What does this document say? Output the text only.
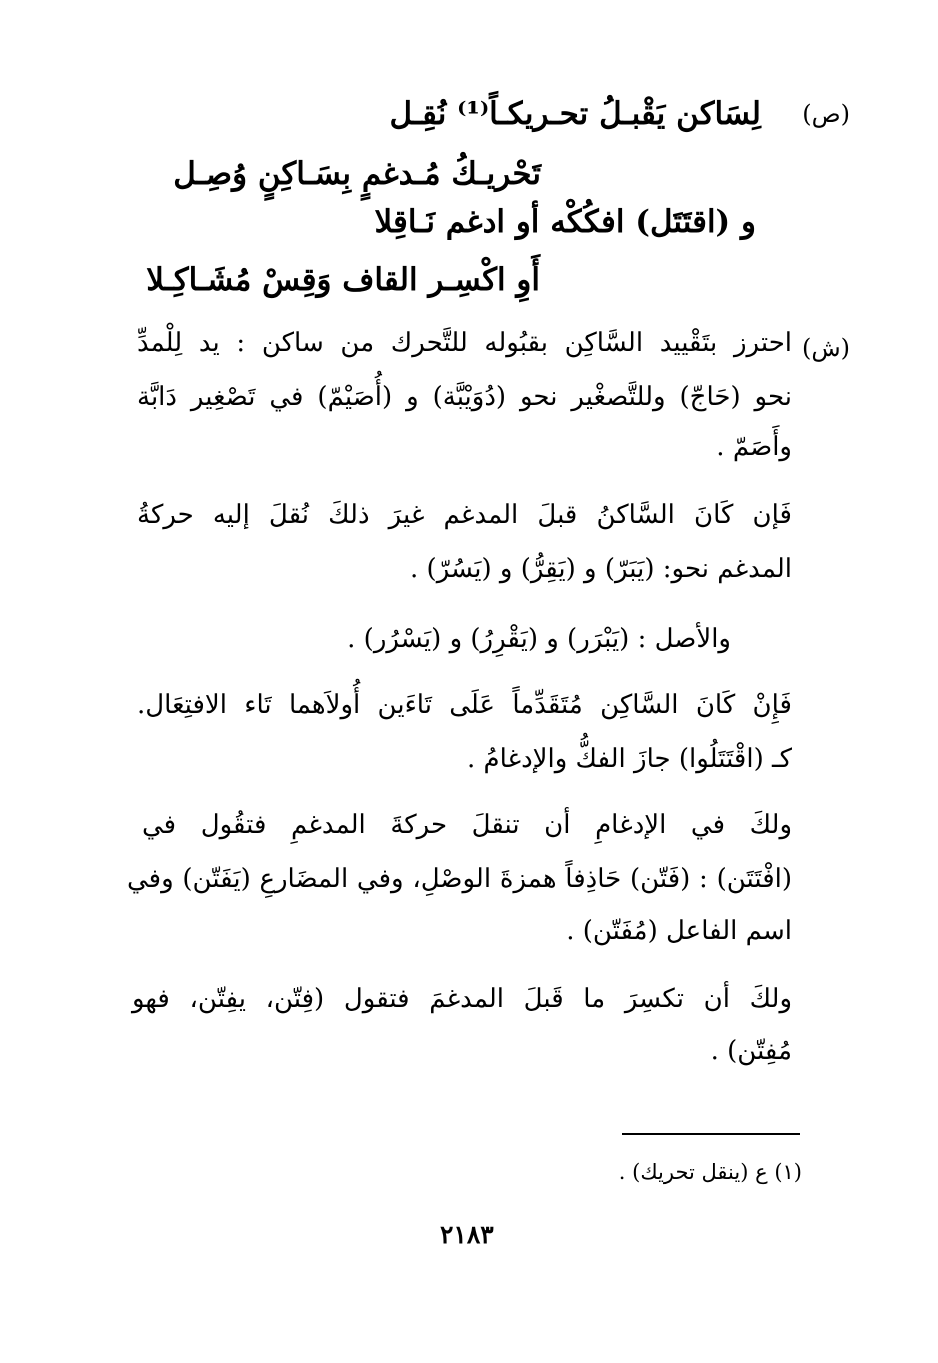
(ص)
لِسَاكن يَقْبـلُ تحـريكـاً⁽¹⁾ نُقِـل
تَحْريـكُ مُـدغمٍ بِسَـاكِنٍ وُصِـل
و (اقتَتَل) افكُكْه أو ادغم نَـاقِلا
أَوِ اكْسِـر القاف وَقِسْ مُشَـاكِـلا
(ش)
احترز بتَقْييد السَّاكِن بقبُوله للتَّحرك من ساكن : يد لِلْمدِّ
نحو (حَاجّ) وللتَّصغْير نحو (دُوَيْبَّة) و (أُصَيْمّ) في تَصْغِير دَابَّة
وأَصَمّ .
فَإن كَانَ السَّاكنُ قبلَ المدغم غيرَ ذلكَ نُقلَ إليه حركةُ
المدغم نحو: (يَبَرّ) و (يَقِرُّ) و (يَسُرّ) .
والأصل : (يَبْرَر) و (يَقْرِرُ) و (يَسْرُر) .
فَإِنْ كَانَ السَّاكِن مُتَقَدِّماً عَلَى تَاءَين أُولاَهما تَاء الافتِعَال.
كـ (اقْتَتَلُوا) جازَ الفكُّ والإدغامُ .
ولكَ في الإدغامِ أن تنقلَ حركةَ المدغمِ فتقُول في
(افْتَتَن) : (فَتّن) حَاذِفاً همزةَ الوصْلِ، وفي المضَارعِ (يَفَتّن) وفي
اسم الفاعل (مُفَتّن) .
ولكَ أن تكسِرَ ما قَبلَ المدغمَ فتقول (فِتّن، يفِتّن، فهو
مُفِتّن) .
(١) ع (ينقل تحريك) .
٢١٨٣
